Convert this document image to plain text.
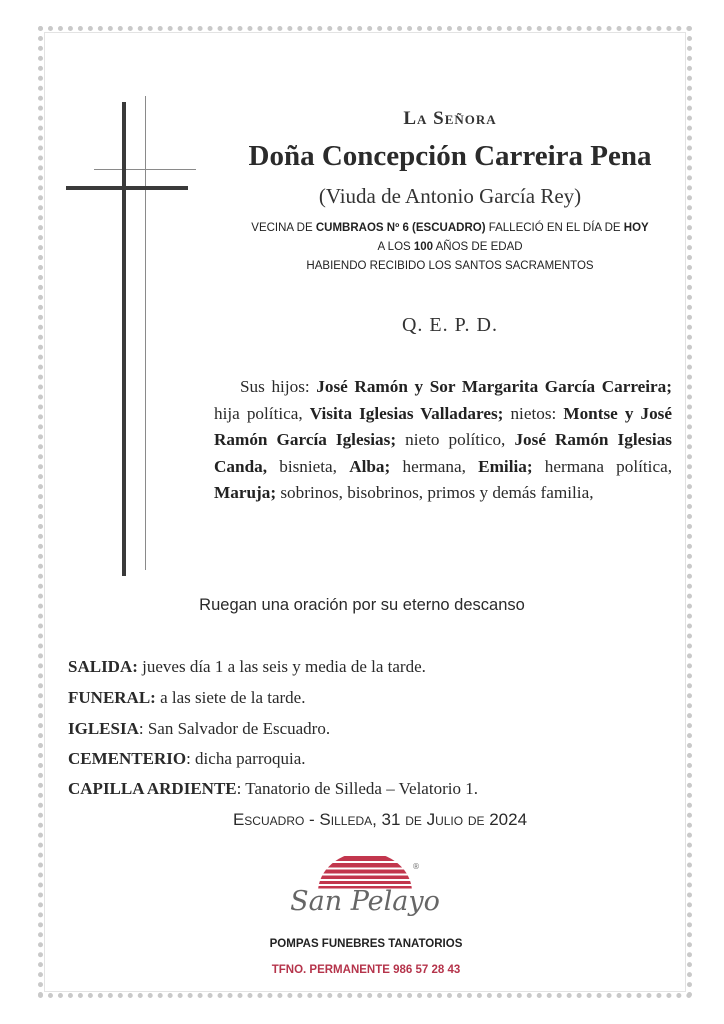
La Señora
Doña Concepción Carreira Pena
(Viuda de Antonio García Rey)
VECINA DE CUMBRAOS Nº 6 (ESCUADRO) FALLECIÓ EN EL DÍA DE HOY
A LOS 100 AÑOS DE EDAD
HABIENDO RECIBIDO LOS SANTOS SACRAMENTOS
Q. E. P. D.
Sus hijos: José Ramón y Sor Margarita García Carreira; hija política, Visita Iglesias Valladares; nietos: Montse y José Ramón García Iglesias; nieto político, José Ramón Iglesias Canda, bisnieta, Alba; hermana, Emilia; hermana política, Maruja; sobrinos, bisobrinos, primos y demás familia,
Ruegan una oración por su eterno descanso
SALIDA: jueves día 1 a las seis y media de la tarde.
FUNERAL: a las siete de la tarde.
IGLESIA: San Salvador de Escuadro.
CEMENTERIO: dicha parroquia.
CAPILLA ARDIENTE: Tanatorio de Silleda – Velatorio 1.
Escuadro - Silleda, 31 de Julio de 2024
®
San Pelayo
POMPAS FUNEBRES TANATORIOS
TFNO. PERMANENTE 986 57 28 43
